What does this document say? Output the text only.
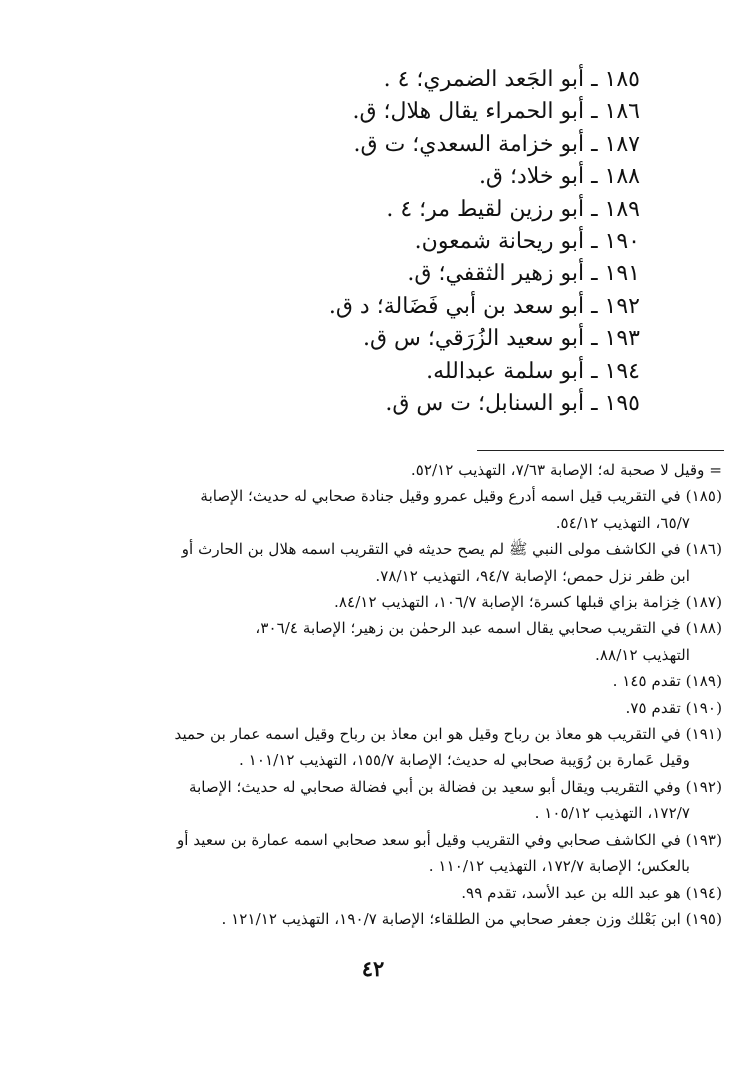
١٨٥ ـ أبو الجَعد الضمري؛ ٤ .
١٨٦ ـ أبو الحمراء يقال هلال؛ ق.
١٨٧ ـ أبو خزامة السعدي؛ ت ق.
١٨٨ ـ أبو خلاد؛ ق.
١٨٩ ـ أبو رزين لقيط مر؛ ٤ .
١٩٠ ـ أبو ريحانة شمعون.
١٩١ ـ أبو زهير الثقفي؛ ق.
١٩٢ ـ أبو سعد بن أبي فَضَالة؛ د ق.
١٩٣ ـ أبو سعيد الزُرَقي؛ س ق.
١٩٤ ـ أبو سلمة عبدالله.
١٩٥ ـ أبو السنابل؛ ت س ق.

= وقيل لا صحبة له؛ الإصابة ٧/٦٣، التهذيب ٥٢/١٢.

(١٨٥) في التقريب قيل اسمه أدرع وقيل عمرو وقيل جنادة صحابي له حديث؛ الإصابة

٦٥/٧، التهذيب ٥٤/١٢.

(١٨٦) في الكاشف مولى النبي ﷺ لم يصح حديثه في التقريب اسمه هلال بن الحارث أو

ابن ظفر نزل حمص؛ الإصابة ٩٤/٧، التهذيب ٧٨/١٢.

(١٨٧) خِزامة بزاي قبلها كسرة؛ الإصابة ١٠٦/٧، التهذيب ٨٤/١٢.

(١٨٨) في التقريب صحابي يقال اسمه عبد الرحمٰن بن زهير؛ الإصابة ٣٠٦/٤،

التهذيب ٨٨/١٢.

(١٨٩) تقدم ١٤٥ .

(١٩٠) تقدم ٧٥.

(١٩١) في التقريب هو معاذ بن رباح وقيل هو ابن معاذ بن رباح وقيل اسمه عمار بن حميد

وقيل عَمارة بن رُوَيبة صحابي له حديث؛ الإصابة ١٥٥/٧، التهذيب ١٠١/١٢ .

(١٩٢) وفي التقريب ويقال أبو سعيد بن فضالة بن أبي فضالة صحابي له حديث؛ الإصابة

١٧٢/٧، التهذيب ١٠٥/١٢ .

(١٩٣) في الكاشف صحابي وفي التقريب وقيل أبو سعد صحابي اسمه عمارة بن سعيد أو

بالعكس؛ الإصابة ١٧٢/٧، التهذيب ١١٠/١٢ .

(١٩٤) هو عبد الله بن عبد الأسد، تقدم ٩٩.

(١٩٥) ابن بَعْلك وزن جعفر صحابي من الطلقاء؛ الإصابة ١٩٠/٧، التهذيب ١٢١/١٢ .

٤٢
